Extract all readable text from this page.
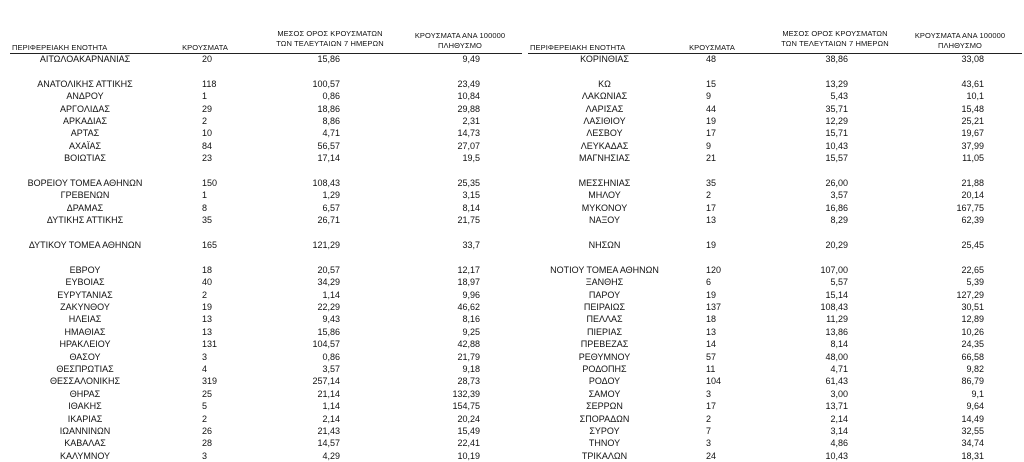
ΠΕΡΙΦΕΡΕΙΑΚΗ ΕΝΟΤΗΤΑ	ΚΡΟΥΣΜΑΤΑ
ΜΕΣΟΣ ΟΡΟΣ ΚΡΟΥΣΜΑΤΩΝ
ΤΩΝ ΤΕΛΕΥΤΑΙΩΝ 7 ΗΜΕΡΩΝ
ΚΡΟΥΣΜΑΤΑ ΑΝΑ 100000
ΠΛΗΘΥΣΜΟ	ΠΕΡΙΦΕΡΕΙΑΚΗ ΕΝΟΤΗΤΑ	ΚΡΟΥΣΜΑΤΑ
ΜΕΣΟΣ ΟΡΟΣ ΚΡΟΥΣΜΑΤΩΝ
ΤΩΝ ΤΕΛΕΥΤΑΙΩΝ 7 ΗΜΕΡΩΝ
ΚΡΟΥΣΜΑΤΑ ΑΝΑ 100000
ΠΛΗΘΥΣΜΟ
ΑΙΤΩΛΟΑΚΑΡΝΑΝΙΑΣ	20	15,86	9,49
ΑΝΑΤΟΛΙΚΗΣ ΑΤΤΙΚΗΣ	118	100,57	23,49
ΑΝΔΡΟΥ	1	0,86	10,84
ΑΡΓΟΛΙΔΑΣ	29	18,86	29,88
ΑΡΚΑΔΙΑΣ	2	8,86	2,31
ΑΡΤΑΣ	10	4,71	14,73
ΑΧΑΪΑΣ	84	56,57	27,07
ΒΟΙΩΤΙΑΣ	23	17,14	19,5
ΒΟΡΕΙΟΥ ΤΟΜΕΑ ΑΘΗΝΩΝ	150	108,43	25,35
ΓΡΕΒΕΝΩΝ	1	1,29	3,15
ΔΡΑΜΑΣ	8	6,57	8,14
ΔΥΤΙΚΗΣ ΑΤΤΙΚΗΣ	35	26,71	21,75
ΔΥΤΙΚΟΥ ΤΟΜΕΑ ΑΘΗΝΩΝ	165	121,29	33,7
ΕΒΡΟΥ	18	20,57	12,17
ΕΥΒΟΙΑΣ	40	34,29	18,97
ΕΥΡΥΤΑΝΙΑΣ	2	1,14	9,96
ΖΑΚΥΝΘΟΥ	19	22,29	46,62
ΗΛΕΙΑΣ	13	9,43	8,16
ΗΜΑΘΙΑΣ	13	15,86	9,25
ΗΡΑΚΛΕΙΟΥ	131	104,57	42,88
ΘΑΣΟΥ	3	0,86	21,79
ΘΕΣΠΡΩΤΙΑΣ	4	3,57	9,18
ΘΕΣΣΑΛΟΝΙΚΗΣ	319	257,14	28,73
ΘΗΡΑΣ	25	21,14	132,39
ΙΘΑΚΗΣ	5	1,14	154,75
ΙΚΑΡΙΑΣ	2	2,14	20,24
ΙΩΑΝΝΙΝΩΝ	26	21,43	15,49
ΚΑΒΑΛΑΣ	28	14,57	22,41
ΚΑΛΥΜΝΟΥ	3	4,29	10,19
ΚΟΡΙΝΘΙΑΣ	48	38,86	33,08
ΚΩ	15	13,29	43,61
ΛΑΚΩΝΙΑΣ	9	5,43	10,1
ΛΑΡΙΣΑΣ	44	35,71	15,48
ΛΑΣΙΘΙΟΥ	19	12,29	25,21
ΛΕΣΒΟΥ	17	15,71	19,67
ΛΕΥΚΑΔΑΣ	9	10,43	37,99
ΜΑΓΝΗΣΙΑΣ	21	15,57	11,05
ΜΕΣΣΗΝΙΑΣ	35	26,00	21,88
ΜΗΛΟΥ	2	3,57	20,14
ΜΥΚΟΝΟΥ	17	16,86	167,75
ΝΑΞΟΥ	13	8,29	62,39
ΝΗΣΩΝ	19	20,29	25,45
ΝΟΤΙΟΥ ΤΟΜΕΑ ΑΘΗΝΩΝ	120	107,00	22,65
ΞΑΝΘΗΣ	6	5,57	5,39
ΠΑΡΟΥ	19	15,14	127,29
ΠΕΙΡΑΙΩΣ	137	108,43	30,51
ΠΕΛΛΑΣ	18	11,29	12,89
ΠΙΕΡΙΑΣ	13	13,86	10,26
ΠΡΕΒΕΖΑΣ	14	8,14	24,35
ΡΕΘΥΜΝΟΥ	57	48,00	66,58
ΡΟΔΟΠΗΣ	11	4,71	9,82
ΡΟΔΟΥ	104	61,43	86,79
ΣΑΜΟΥ	3	3,00	9,1
ΣΕΡΡΩΝ	17	13,71	9,64
ΣΠΟΡΑΔΩΝ	2	2,14	14,49
ΣΥΡΟΥ	7	3,14	32,55
ΤΗΝΟΥ	3	4,86	34,74
ΤΡΙΚΑΛΩΝ	24	10,43	18,31
